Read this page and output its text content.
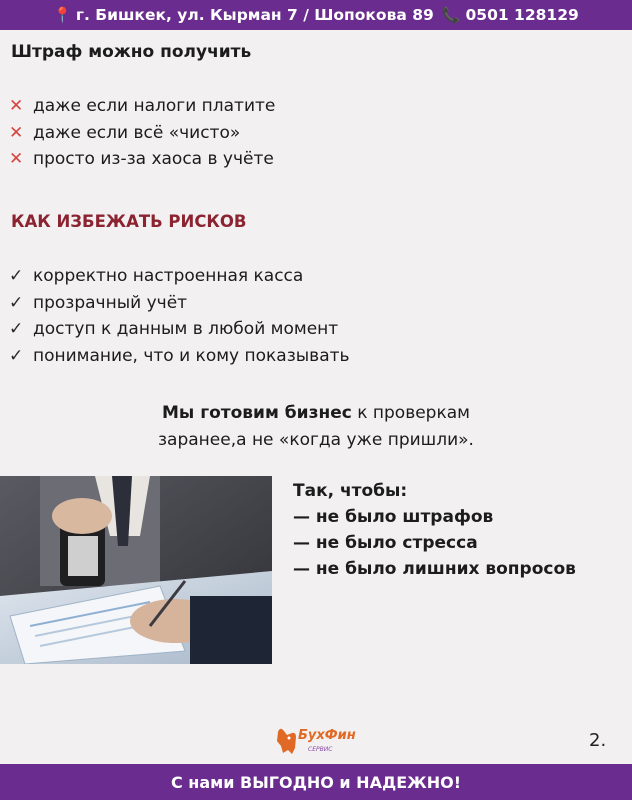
📍 г. Бишкек, ул. Кырман 7 / Шопокова 89 📞 0501 128129
Штраф можно получить
✕ даже если налоги платите
✕ даже если всё «чисто»
✕ просто из-за хаоса в учёте
КАК ИЗБЕЖАТЬ РИСКОВ
✓ корректно настроенная касса
✓ прозрачный учёт
✓ доступ к данным в любой момент
✓ понимание, что и кому показывать
Мы готовим бизнес к проверкам
заранее,а не «когда уже пришли».
Так, чтобы:
— не было штрафов
— не было стресса
— не было лишних вопросов
БухФин
СЕРВИС	2.
С нами ВЫГОДНО и НАДЕЖНО!
